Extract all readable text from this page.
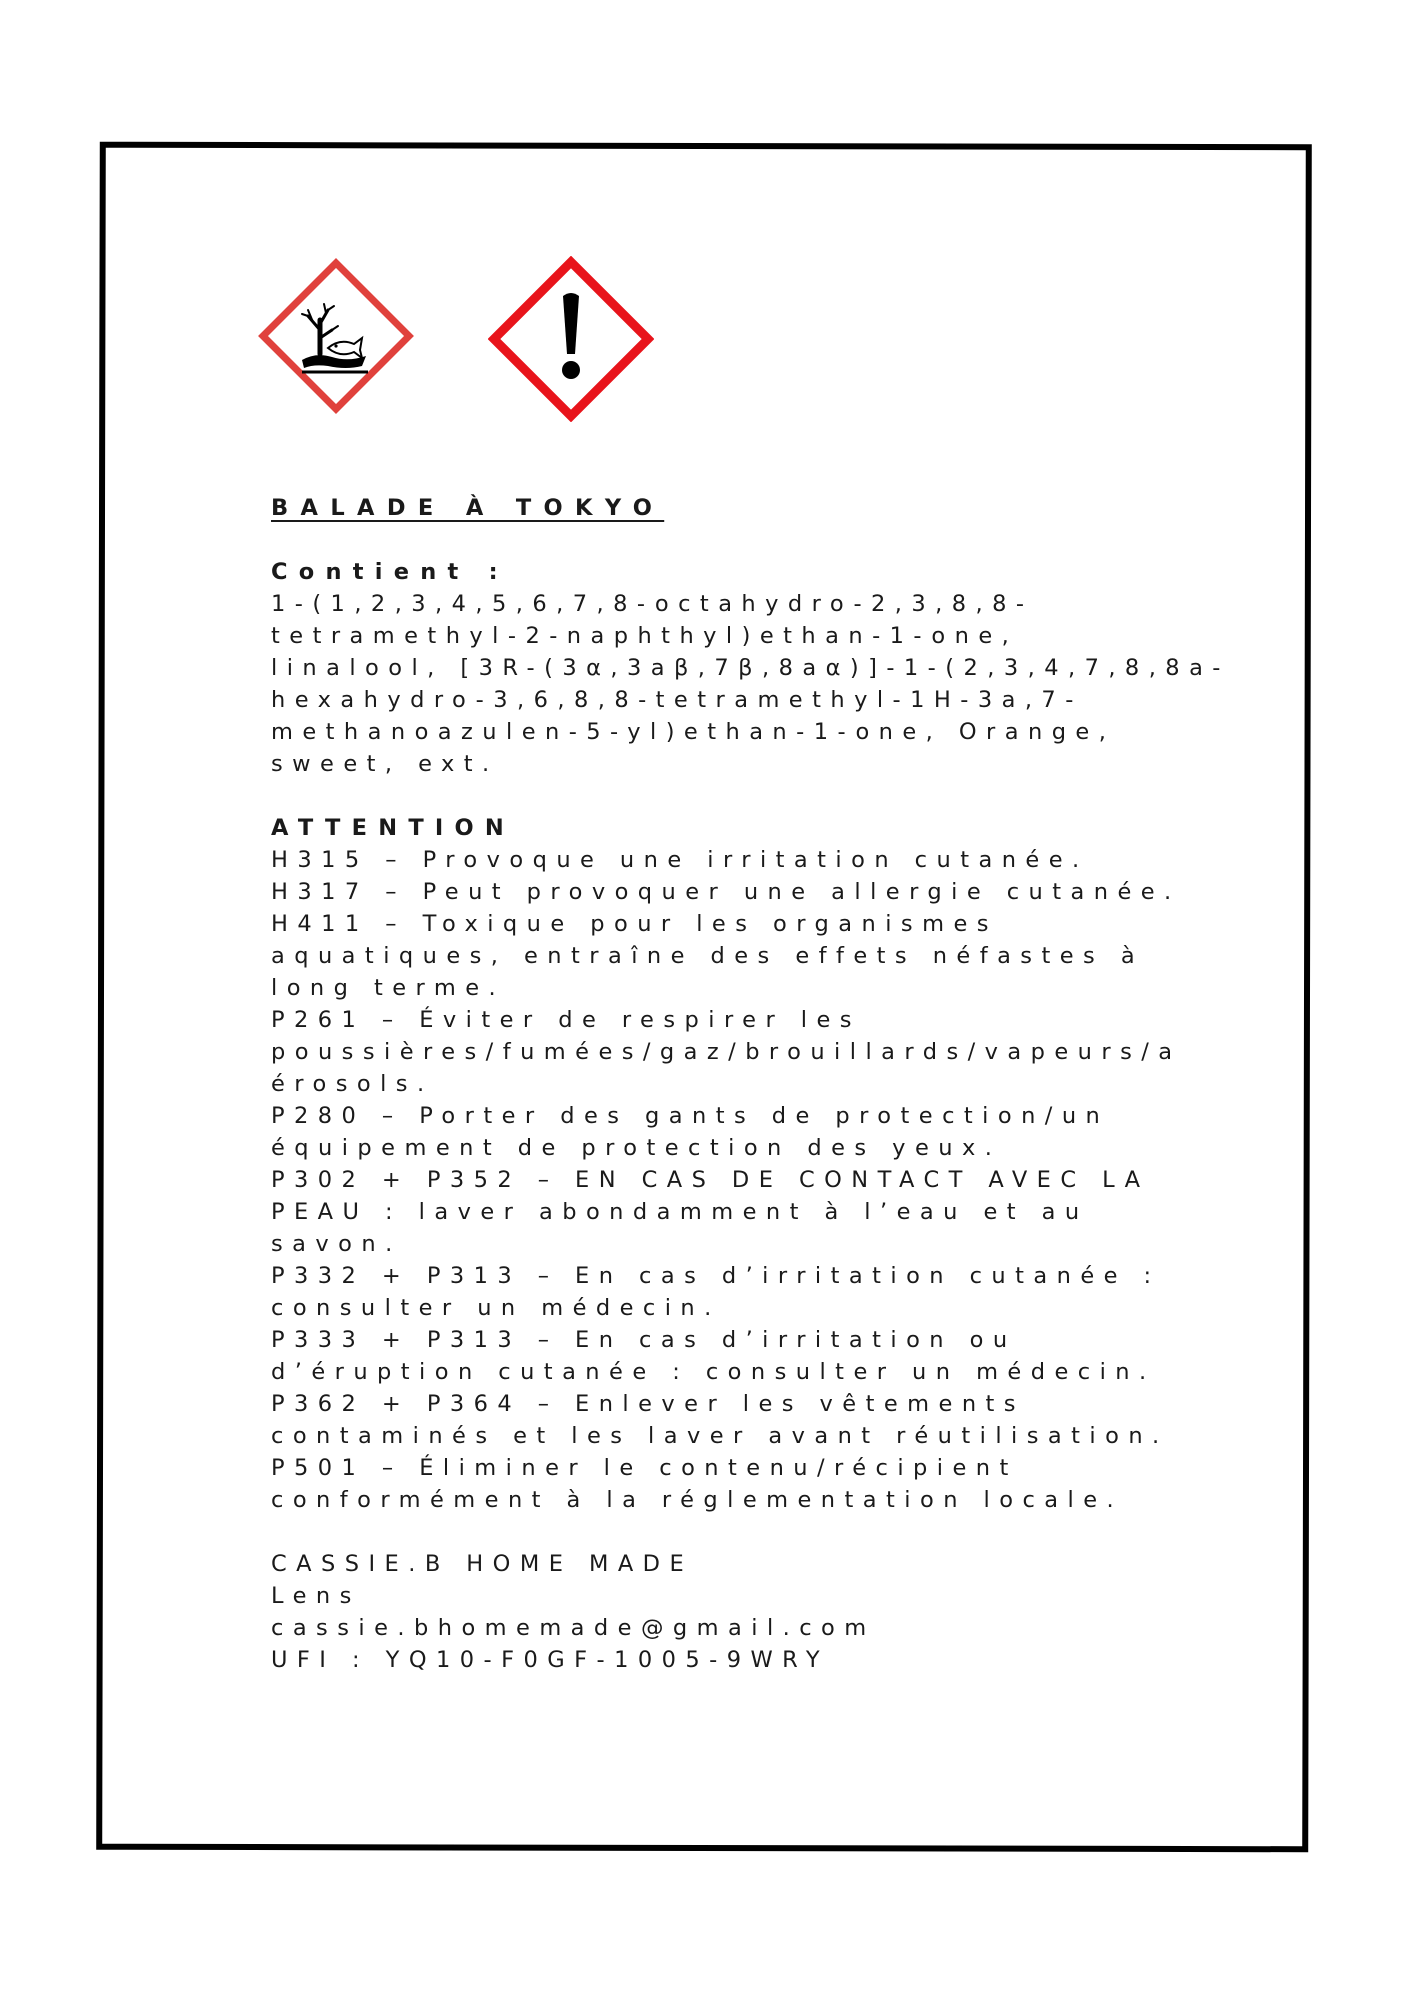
BALADE À TOKYO
Contient :
1-(1,2,3,4,5,6,7,8-octahydro-2,3,8,8-
tetramethyl-2-naphthyl)ethan-1-one,
linalool, [3R-(3α,3aβ,7β,8aα)]-1-(2,3,4,7,8,8a-
hexahydro-3,6,8,8-tetramethyl-1H-3a,7-
methanoazulen-5-yl)ethan-1-one, Orange,
sweet, ext.
ATTENTION
H315 – Provoque une irritation cutanée.
H317 – Peut provoquer une allergie cutanée.
H411 – Toxique pour les organismes
aquatiques, entraîne des effets néfastes à
long terme.
P261 – Éviter de respirer les
poussières/fumées/gaz/brouillards/vapeurs/a
érosols.
P280 – Porter des gants de protection/un
équipement de protection des yeux.
P302 + P352 – EN CAS DE CONTACT AVEC LA
PEAU : laver abondamment à l’eau et au
savon.
P332 + P313 – En cas d’irritation cutanée :
consulter un médecin.
P333 + P313 – En cas d’irritation ou
d’éruption cutanée : consulter un médecin.
P362 + P364 – Enlever les vêtements
contaminés et les laver avant réutilisation.
P501 – Éliminer le contenu/récipient
conformément à la réglementation locale.
CASSIE.B HOME MADE
Lens
cassie.bhomemade@gmail.com
UFI : YQ10-F0GF-1005-9WRY
